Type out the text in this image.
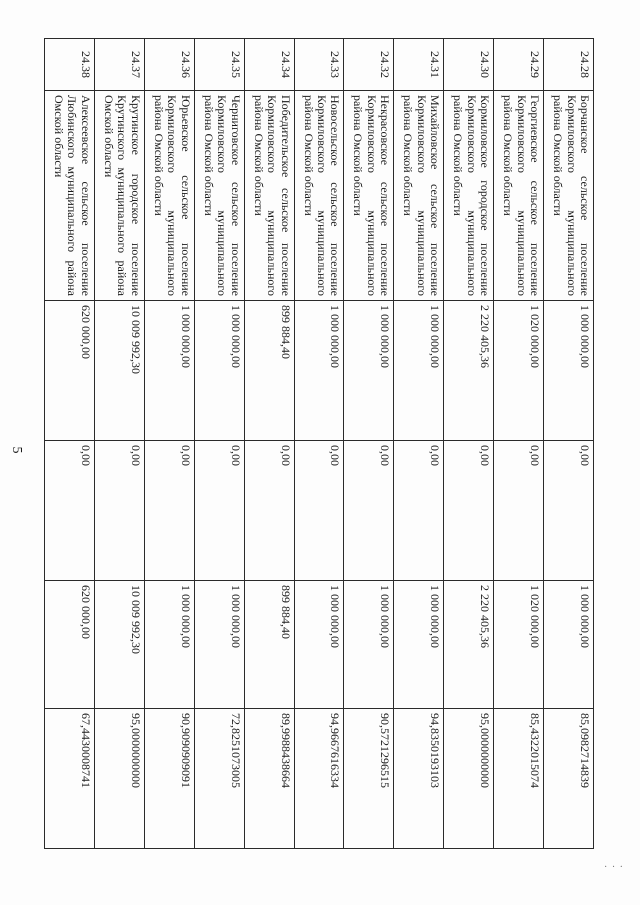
5
24.28	Борчанское сельское поселение Кормиловского муниципального района Омской области	1 000 000,00	0,00	1 000 000,00	85,0982714839
24.29	Георгиевское сельское поселение Кормиловского муниципального района Омской области	1 020 000,00	0,00	1 020 000,00	85,4322015074
24.30	Кормиловское городское поселение Кормиловского муниципального района Омской области	2 220 405,36	0,00	2 220 405,36	95,0000000000
24.31	Михайловское сельское поселение Кормиловского муниципального района Омской области	1 000 000,00	0,00	1 000 000,00	94,8350193103
24.32	Некрасовское сельское поселение Кормиловского муниципального района Омской области	1 000 000,00	0,00	1 000 000,00	90,5721296515
24.33	Новосельское сельское поселение Кормиловского муниципального района Омской области	1 000 000,00	0,00	1 000 000,00	94,9667616334
24.34	Победительское сельское поселение Кормиловского муниципального района Омской области	899 884,40	0,00	899 884,40	89,9988438664
24.35	Черниговское сельское поселение Кормиловского муниципального района Омской области	1 000 000,00	0,00	1 000 000,00	72,8251073005
24.36	Юрьевское сельское поселение Кормиловского муниципального района Омской области	1 000 000,00	0,00	1 000 000,00	90,9090909091
24.37	Крутинское городское поселение Крутинского муниципального района Омской области	10 009 992,30	0,00	10 009 992,30	95,0000000000
24.38	Алексеевское сельское поселение Любинского муниципального района Омской области	620 000,00	0,00	620 000,00	67,4430008741
· · ·
